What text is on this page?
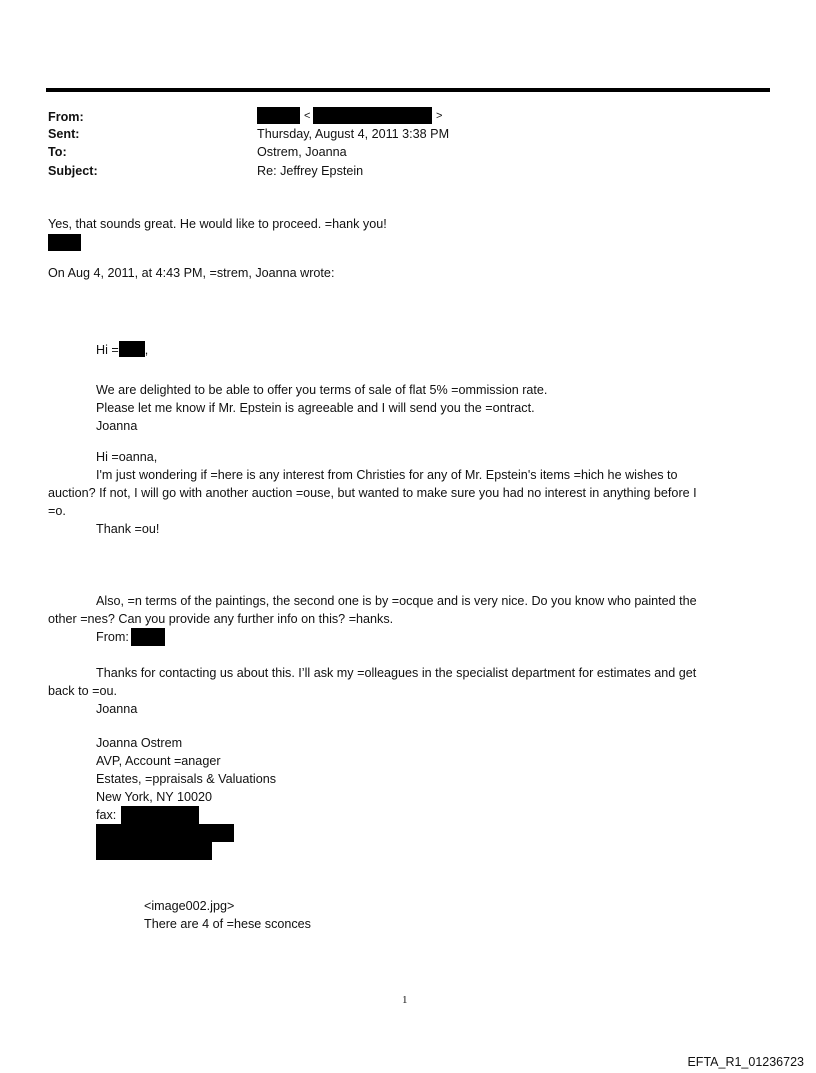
From:
Sent:
To:
Subject:
<	>
Thursday, August 4, 2011 3:38 PM
Ostrem, Joanna
Re: Jeffrey Epstein
Yes, that sounds great. He would like to proceed. =hank you!
On Aug 4, 2011, at 4:43 PM, =strem, Joanna wrote:
Hi = ,
We are delighted to be able to offer you terms of sale of flat 5% =ommission rate.
Please let me know if Mr. Epstein is agreeable and I will send you the =ontract.
Joanna
Hi =oanna,
I'm just wondering if =here is any interest from Christies for any of Mr. Epstein's items =hich he wishes to
auction? If not, I will go with another auction =ouse, but wanted to make sure you had no interest in anything before I
=o.
Thank =ou!
Also, =n terms of the paintings, the second one is by =ocque and is very nice. Do you know who painted the
other =nes? Can you provide any further info on this? =hanks.
From:
Thanks for contacting us about this. I’ll ask my =olleagues in the specialist department for estimates and get
back to =ou.
Joanna
Joanna Ostrem
AVP, Account =anager
Estates, =ppraisals & Valuations
New York, NY 10020
fax:
<image002.jpg>
There are 4 of =hese sconces
1
EFTA_R1_01236723
